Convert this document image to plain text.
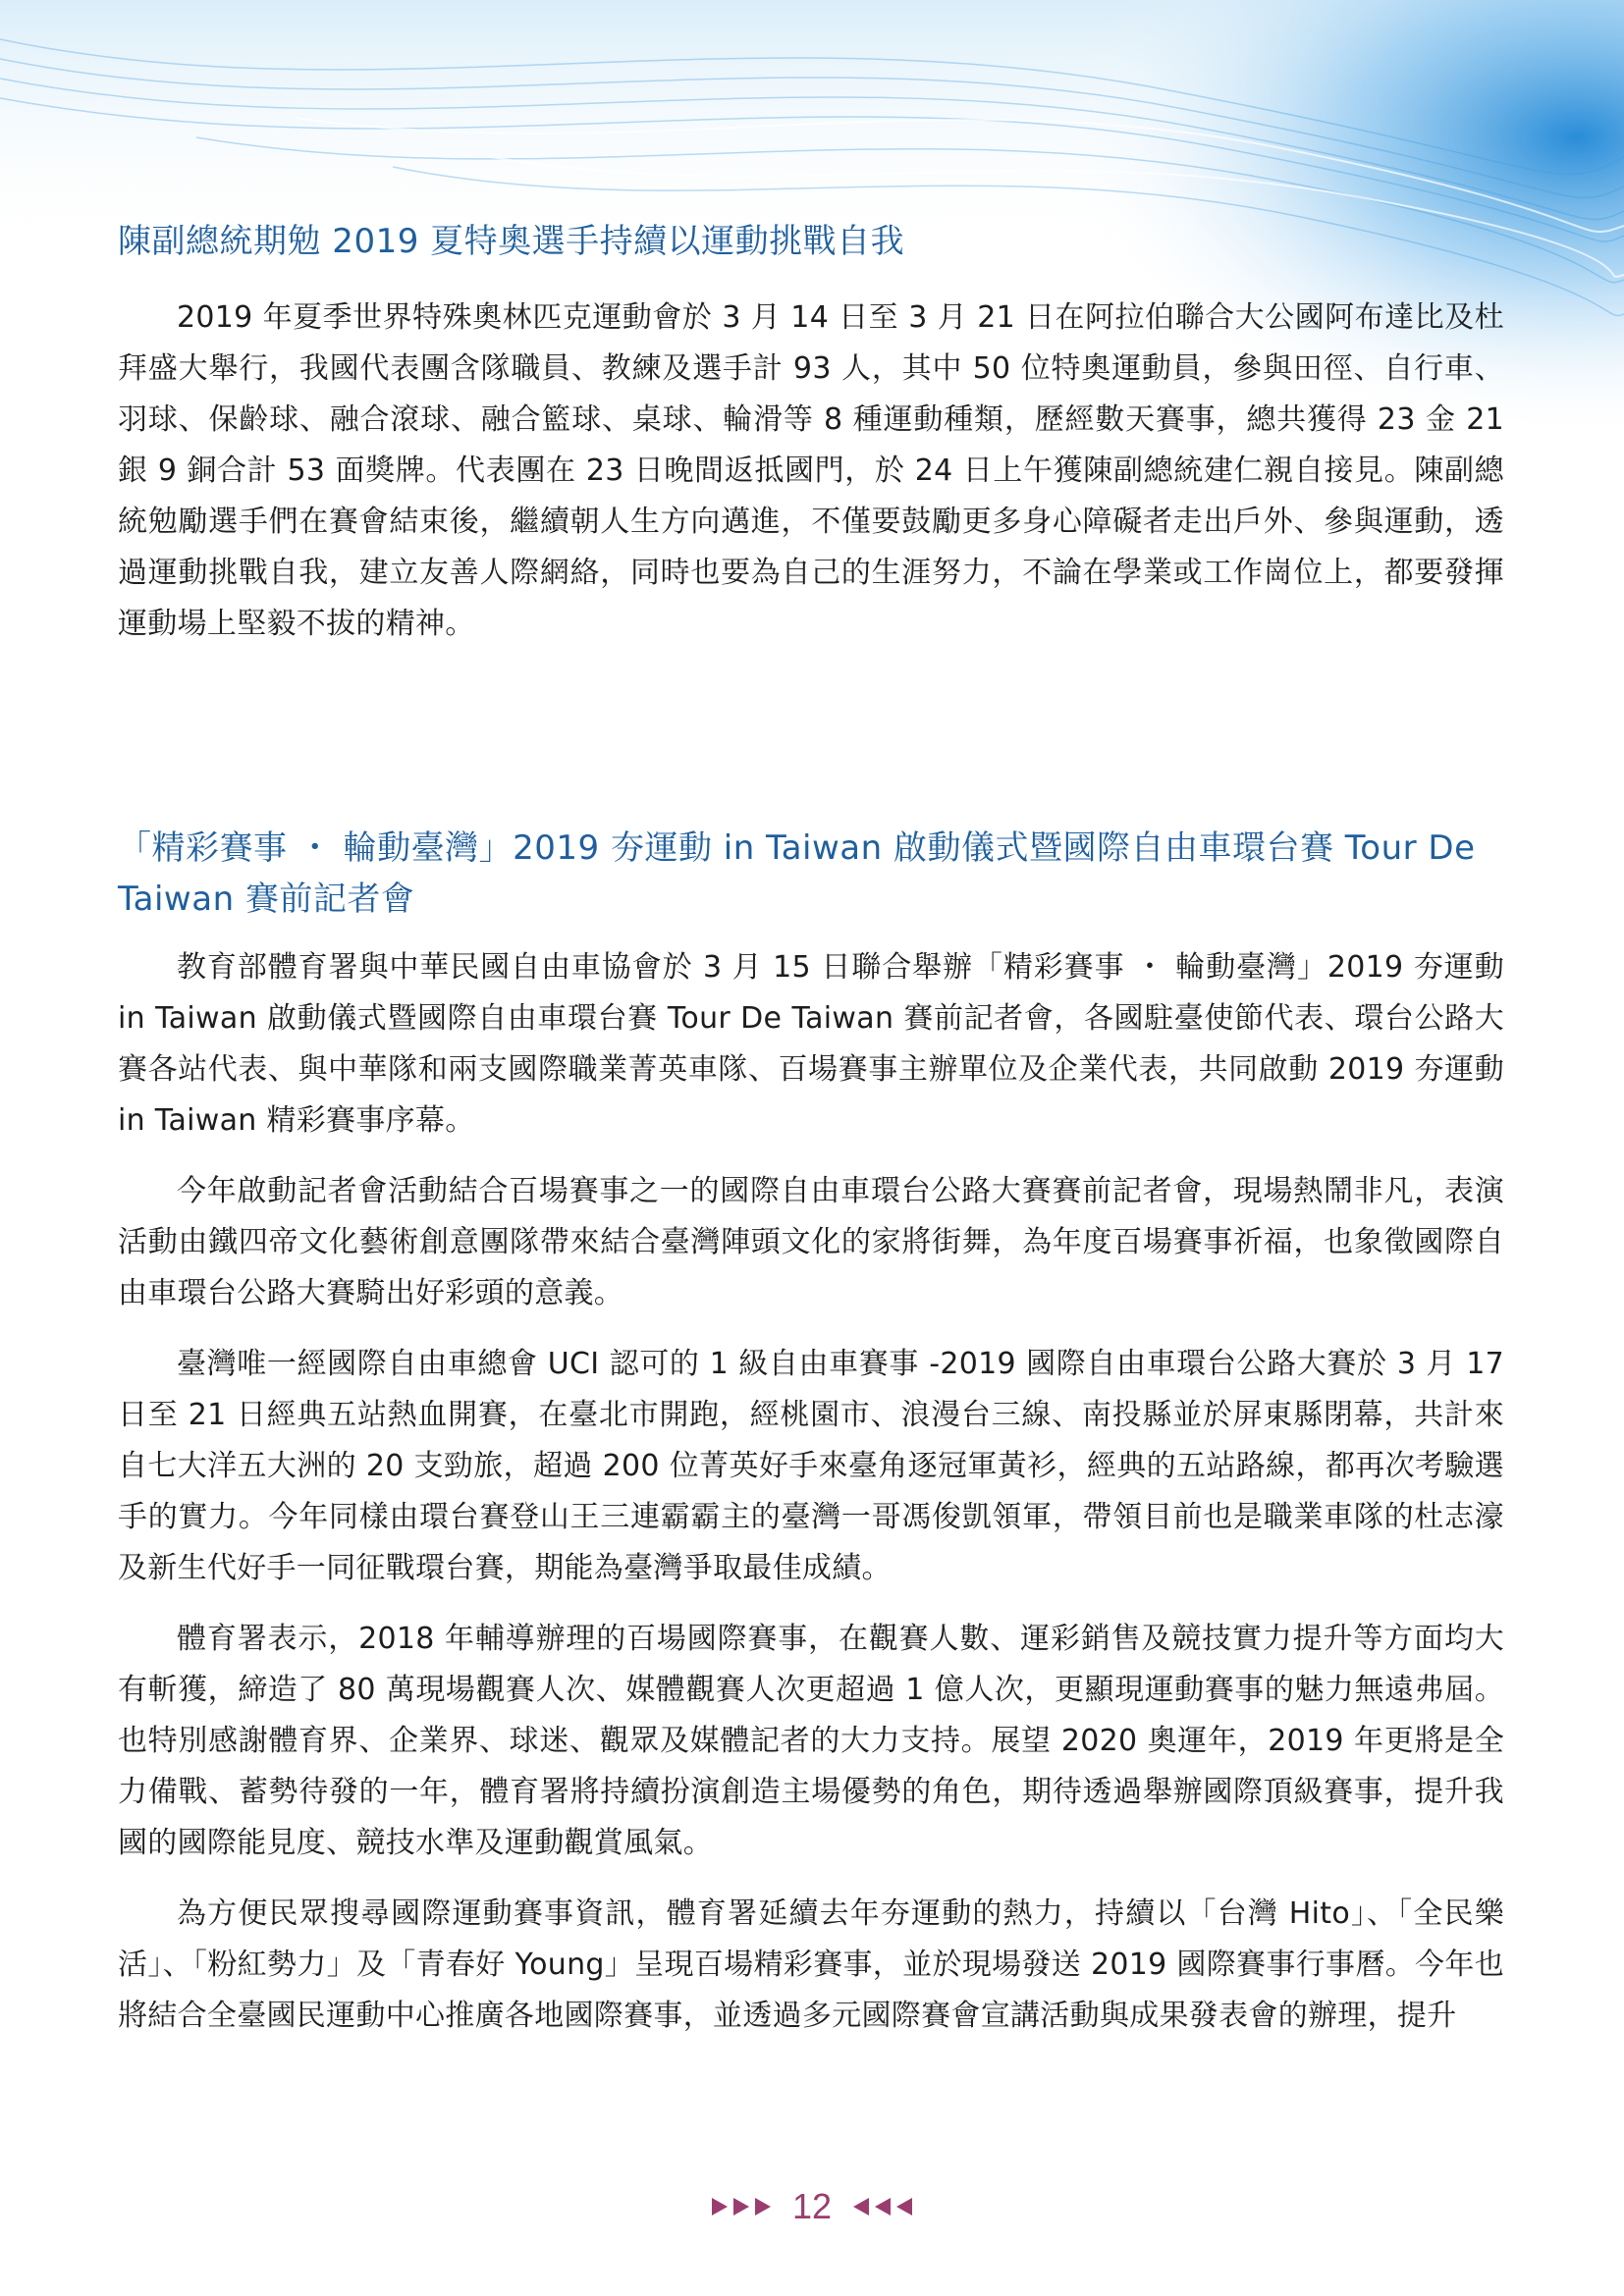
陳副總統期勉 2019 夏特奧選手持續以運動挑戰自我

2019 年夏季世界特殊奧林匹克運動會於 3 月 14 日至 3 月 21 日在阿拉伯聯合大公國阿布達比及杜拜盛大舉行，我國代表團含隊職員、教練及選手計 93 人，其中 50 位特奧運動員，參與田徑、自行車、羽球、保齡球、融合滾球、融合籃球、桌球、輪滑等 8 種運動種類，歷經數天賽事，總共獲得 23 金 21 銀 9 銅合計 53 面獎牌。代表團在 23 日晚間返抵國門，於 24 日上午獲陳副總統建仁親自接見。陳副總統勉勵選手們在賽會結束後，繼續朝人生方向邁進，不僅要鼓勵更多身心障礙者走出戶外、參與運動，透過運動挑戰自我，建立友善人際網絡，同時也要為自己的生涯努力，不論在學業或工作崗位上，都要發揮運動場上堅毅不拔的精神。

「精彩賽事 ・ 輪動臺灣」2019 夯運動 in Taiwan 啟動儀式暨國際自由車環台賽 Tour De Taiwan 賽前記者會

教育部體育署與中華民國自由車協會於 3 月 15 日聯合舉辦「精彩賽事 ・ 輪動臺灣」2019 夯運動 in Taiwan 啟動儀式暨國際自由車環台賽 Tour De Taiwan 賽前記者會，各國駐臺使節代表、環台公路大賽各站代表、與中華隊和兩支國際職業菁英車隊、百場賽事主辦單位及企業代表，共同啟動 2019 夯運動 in Taiwan 精彩賽事序幕。

今年啟動記者會活動結合百場賽事之一的國際自由車環台公路大賽賽前記者會，現場熱鬧非凡，表演活動由鐵四帝文化藝術創意團隊帶來結合臺灣陣頭文化的家將街舞，為年度百場賽事祈福，也象徵國際自由車環台公路大賽騎出好彩頭的意義。

臺灣唯一經國際自由車總會 UCI 認可的 1 級自由車賽事 -2019 國際自由車環台公路大賽於 3 月 17 日至 21 日經典五站熱血開賽，在臺北市開跑，經桃園市、浪漫台三線、南投縣並於屏東縣閉幕，共計來自七大洋五大洲的 20 支勁旅，超過 200 位菁英好手來臺角逐冠軍黃衫，經典的五站路線，都再次考驗選手的實力。今年同樣由環台賽登山王三連霸霸主的臺灣一哥馮俊凱領軍，帶領目前也是職業車隊的杜志濠及新生代好手一同征戰環台賽，期能為臺灣爭取最佳成績。

體育署表示，2018 年輔導辦理的百場國際賽事，在觀賽人數、運彩銷售及競技實力提升等方面均大有斬獲，締造了 80 萬現場觀賽人次、媒體觀賽人次更超過 1 億人次，更顯現運動賽事的魅力無遠弗屆。也特別感謝體育界、企業界、球迷、觀眾及媒體記者的大力支持。展望 2020 奧運年，2019 年更將是全力備戰、蓄勢待發的一年，體育署將持續扮演創造主場優勢的角色，期待透過舉辦國際頂級賽事，提升我國的國際能見度、競技水準及運動觀賞風氣。

為方便民眾搜尋國際運動賽事資訊，體育署延續去年夯運動的熱力，持續以「台灣 Hito」、「全民樂活」、「粉紅勢力」及「青春好 Young」呈現百場精彩賽事，並於現場發送 2019 國際賽事行事曆。今年也將結合全臺國民運動中心推廣各地國際賽事，並透過多元國際賽會宣講活動與成果發表會的辦理，提升

12
